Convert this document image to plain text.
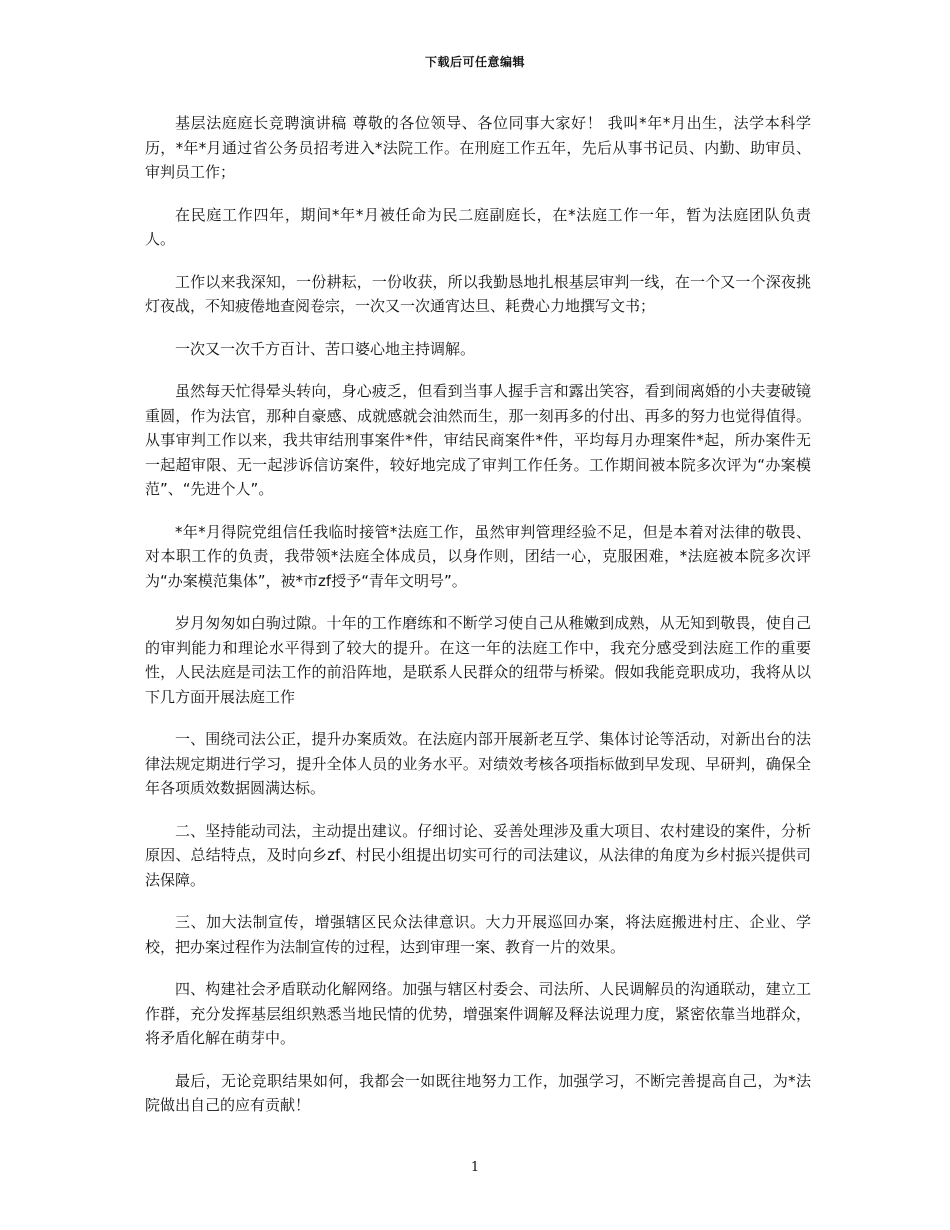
下载后可任意编辑

基层法庭庭长竞聘演讲稿 尊敬的各位领导、各位同事大家好！ 我叫*年*月出生，法学本科学历，*年*月通过省公务员招考进入*法院工作。在刑庭工作五年，先后从事书记员、内勤、助审员、审判员工作；

在民庭工作四年，期间*年*月被任命为民二庭副庭长，在*法庭工作一年，暂为法庭团队负责人。

工作以来我深知，一份耕耘，一份收获，所以我勤恳地扎根基层审判一线，在一个又一个深夜挑灯夜战，不知疲倦地查阅卷宗，一次又一次通宵达旦、耗费心力地撰写文书；

一次又一次千方百计、苦口婆心地主持调解。

虽然每天忙得晕头转向，身心疲乏，但看到当事人握手言和露出笑容，看到闹离婚的小夫妻破镜重圆，作为法官，那种自豪感、成就感就会油然而生，那一刻再多的付出、再多的努力也觉得值得。从事审判工作以来，我共审结刑事案件*件，审结民商案件*件，平均每月办理案件*起，所办案件无一起超审限、无一起涉诉信访案件，较好地完成了审判工作任务。工作期间被本院多次评为“办案模范”、“先进个人”。

*年*月得院党组信任我临时接管*法庭工作，虽然审判管理经验不足，但是本着对法律的敬畏、对本职工作的负责，我带领*法庭全体成员，以身作则，团结一心，克服困难，*法庭被本院多次评为“办案模范集体”，被*市zf授予“青年文明号”。

岁月匆匆如白驹过隙。十年的工作磨练和不断学习使自己从稚嫩到成熟，从无知到敬畏，使自己的审判能力和理论水平得到了较大的提升。在这一年的法庭工作中，我充分感受到法庭工作的重要性，人民法庭是司法工作的前沿阵地，是联系人民群众的纽带与桥梁。假如我能竞职成功，我将从以下几方面开展法庭工作

一、围绕司法公正，提升办案质效。在法庭内部开展新老互学、集体讨论等活动，对新出台的法律法规定期进行学习，提升全体人员的业务水平。对绩效考核各项指标做到早发现、早研判，确保全年各项质效数据圆满达标。

二、坚持能动司法，主动提出建议。仔细讨论、妥善处理涉及重大项目、农村建设的案件，分析原因、总结特点，及时向乡zf、村民小组提出切实可行的司法建议，从法律的角度为乡村振兴提供司法保障。

三、加大法制宣传，增强辖区民众法律意识。大力开展巡回办案，将法庭搬进村庄、企业、学校，把办案过程作为法制宣传的过程，达到审理一案、教育一片的效果。

四、构建社会矛盾联动化解网络。加强与辖区村委会、司法所、人民调解员的沟通联动，建立工作群，充分发挥基层组织熟悉当地民情的优势，增强案件调解及释法说理力度，紧密依靠当地群众，将矛盾化解在萌芽中。

最后，无论竞职结果如何，我都会一如既往地努力工作，加强学习，不断完善提高自己，为*法院做出自己的应有贡献！

1
